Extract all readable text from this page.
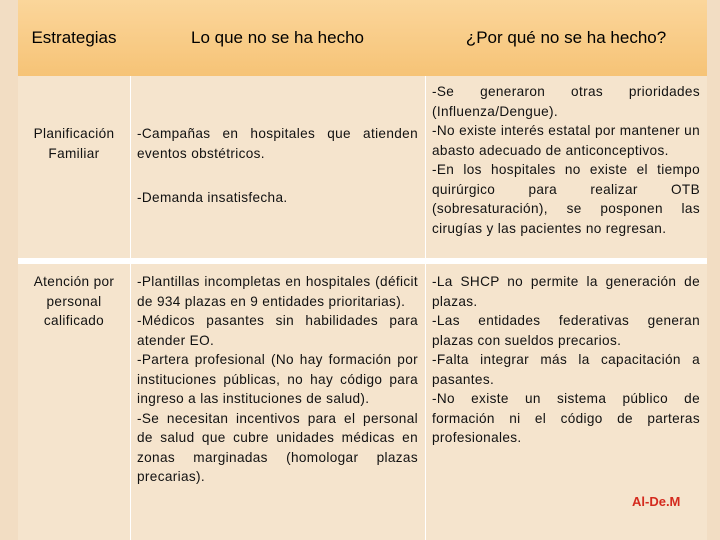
Estrategias	Lo que no se ha hecho	¿Por qué no se ha hecho?
Planificación Familiar
-Campañas en hospitales que atienden eventos obstétricos.
-Demanda insatisfecha.
-Se generaron otras prioridades (Influenza/Dengue).
-No existe interés estatal por mantener un abasto adecuado de anticonceptivos.
-En los hospitales no existe el tiempo quirúrgico para realizar OTB (sobresaturación), se posponen las cirugías y las pacientes no regresan.
Atención por personal calificado
-Plantillas incompletas en hospitales (déficit de 934 plazas en 9 entidades prioritarias).
-Médicos pasantes sin habilidades para atender EO.
-Partera profesional (No hay formación por instituciones públicas, no hay código para ingreso a las instituciones de salud).
-Se necesitan incentivos para el personal de salud que cubre unidades médicas en zonas marginadas (homologar plazas precarias).
-La SHCP no permite la generación de plazas.
-Las entidades federativas generan plazas con sueldos precarios.
-Falta integrar más la capacitación a pasantes.
-No existe un sistema público de formación ni el código de parteras profesionales.
Al-De.M
